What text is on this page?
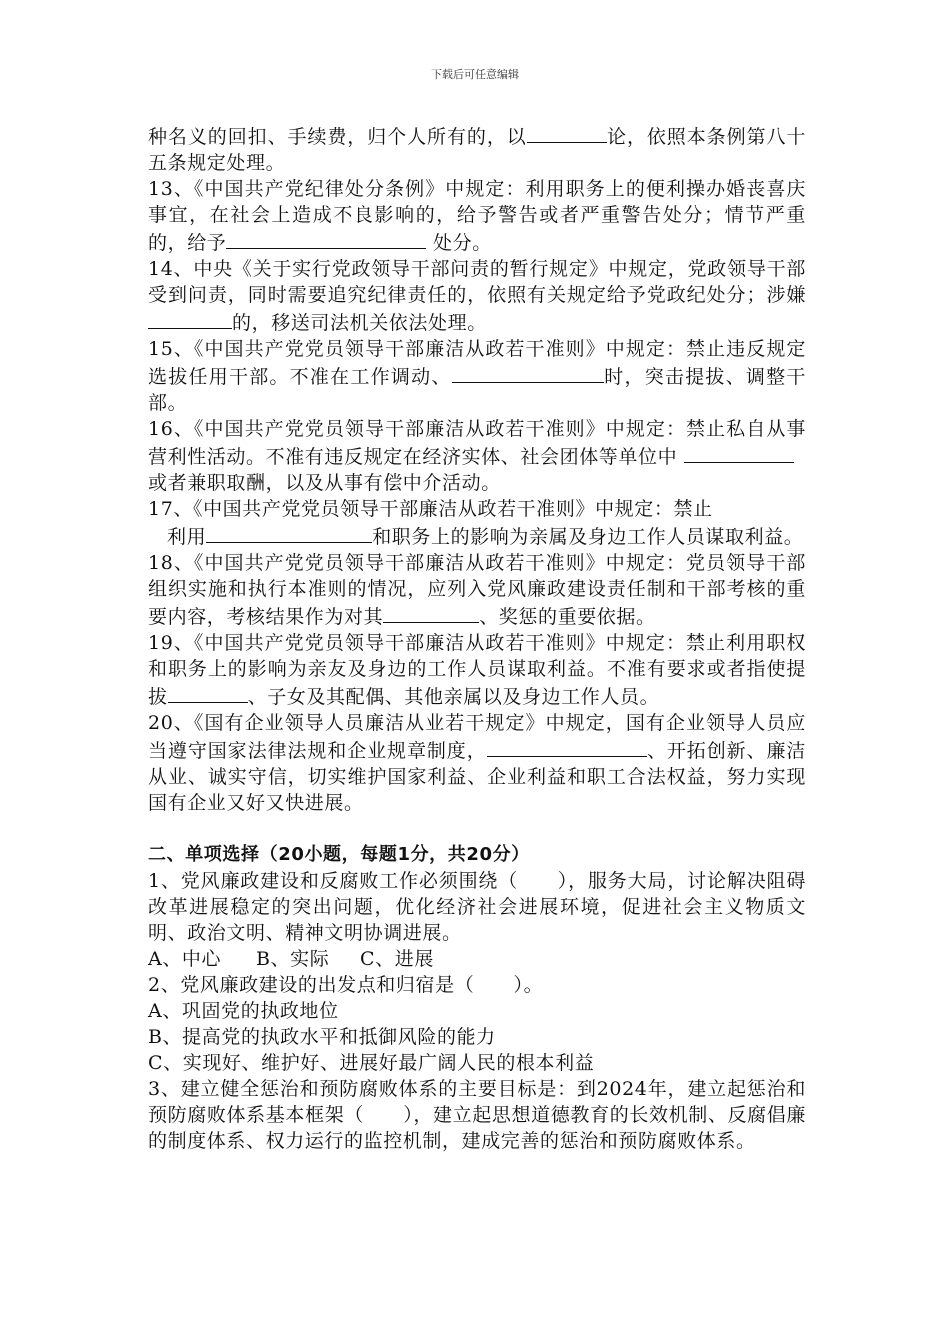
下载后可任意编辑

种名义的回扣、手续费，归个人所有的，以	论，依照本条例第八十五条规定处理。

13、《中国共产党纪律处分条例》中规定：利用职务上的便利操办婚丧喜庆事宜，在社会上造成不良影响的，给予警告或者严重警告处分；情节严重的，给予	处分。

14、中央《关于实行党政领导干部问责的暂行规定》中规定，党政领导干部受到问责，同时需要追究纪律责任的，依照有关规定给予党政纪处分；涉嫌 的，移送司法机关依法处理。

15、《中国共产党党员领导干部廉洁从政若干准则》中规定：禁止违反规定选拔任用干部。不准在工作调动、	时，突击提拔、调整干部。

16、《中国共产党党员领导干部廉洁从政若干准则》中规定：禁止私自从事营利性活动。不准有违反规定在经济实体、社会团体等单位中
或者兼职取酬，以及从事有偿中介活动。

17、《中国共产党党员领导干部廉洁从政若干准则》中规定：禁止

利用	和职务上的影响为亲属及身边工作人员谋取利益。

18、《中国共产党党员领导干部廉洁从政若干准则》中规定：党员领导干部组织实施和执行本准则的情况，应列入党风廉政建设责任制和干部考核的重要内容，考核结果作为对其	、奖惩的重要依据。

19、《中国共产党党员领导干部廉洁从政若干准则》中规定：禁止利用职权和职务上的影响为亲友及身边的工作人员谋取利益。不准有要求或者指使提拔	、子女及其配偶、其他亲属以及身边工作人员。

20、《国有企业领导人员廉洁从业若干规定》中规定，国有企业领导人员应当遵守国家法律法规和企业规章制度，	、开拓创新、廉洁从业、诚实守信，切实维护国家利益、企业利益和职工合法权益，努力实现国有企业又好又快进展。

二、单项选择（20小题，每题1分，共20分）

1、党风廉政建设和反腐败工作必须围绕（　　），服务大局，讨论解决阻碍改革进展稳定的突出问题，优化经济社会进展环境，促进社会主义物质文明、政治文明、精神文明协调进展。

A、中心 B、实际 C、进展

2、党风廉政建设的出发点和归宿是（　　）。

A、巩固党的执政地位

B、提高党的执政水平和抵御风险的能力

C、实现好、维护好、进展好最广阔人民的根本利益

3、建立健全惩治和预防腐败体系的主要目标是：到2024年，建立起惩治和预防腐败体系基本框架（　　），建立起思想道德教育的长效机制、反腐倡廉的制度体系、权力运行的监控机制，建成完善的惩治和预防腐败体系。
